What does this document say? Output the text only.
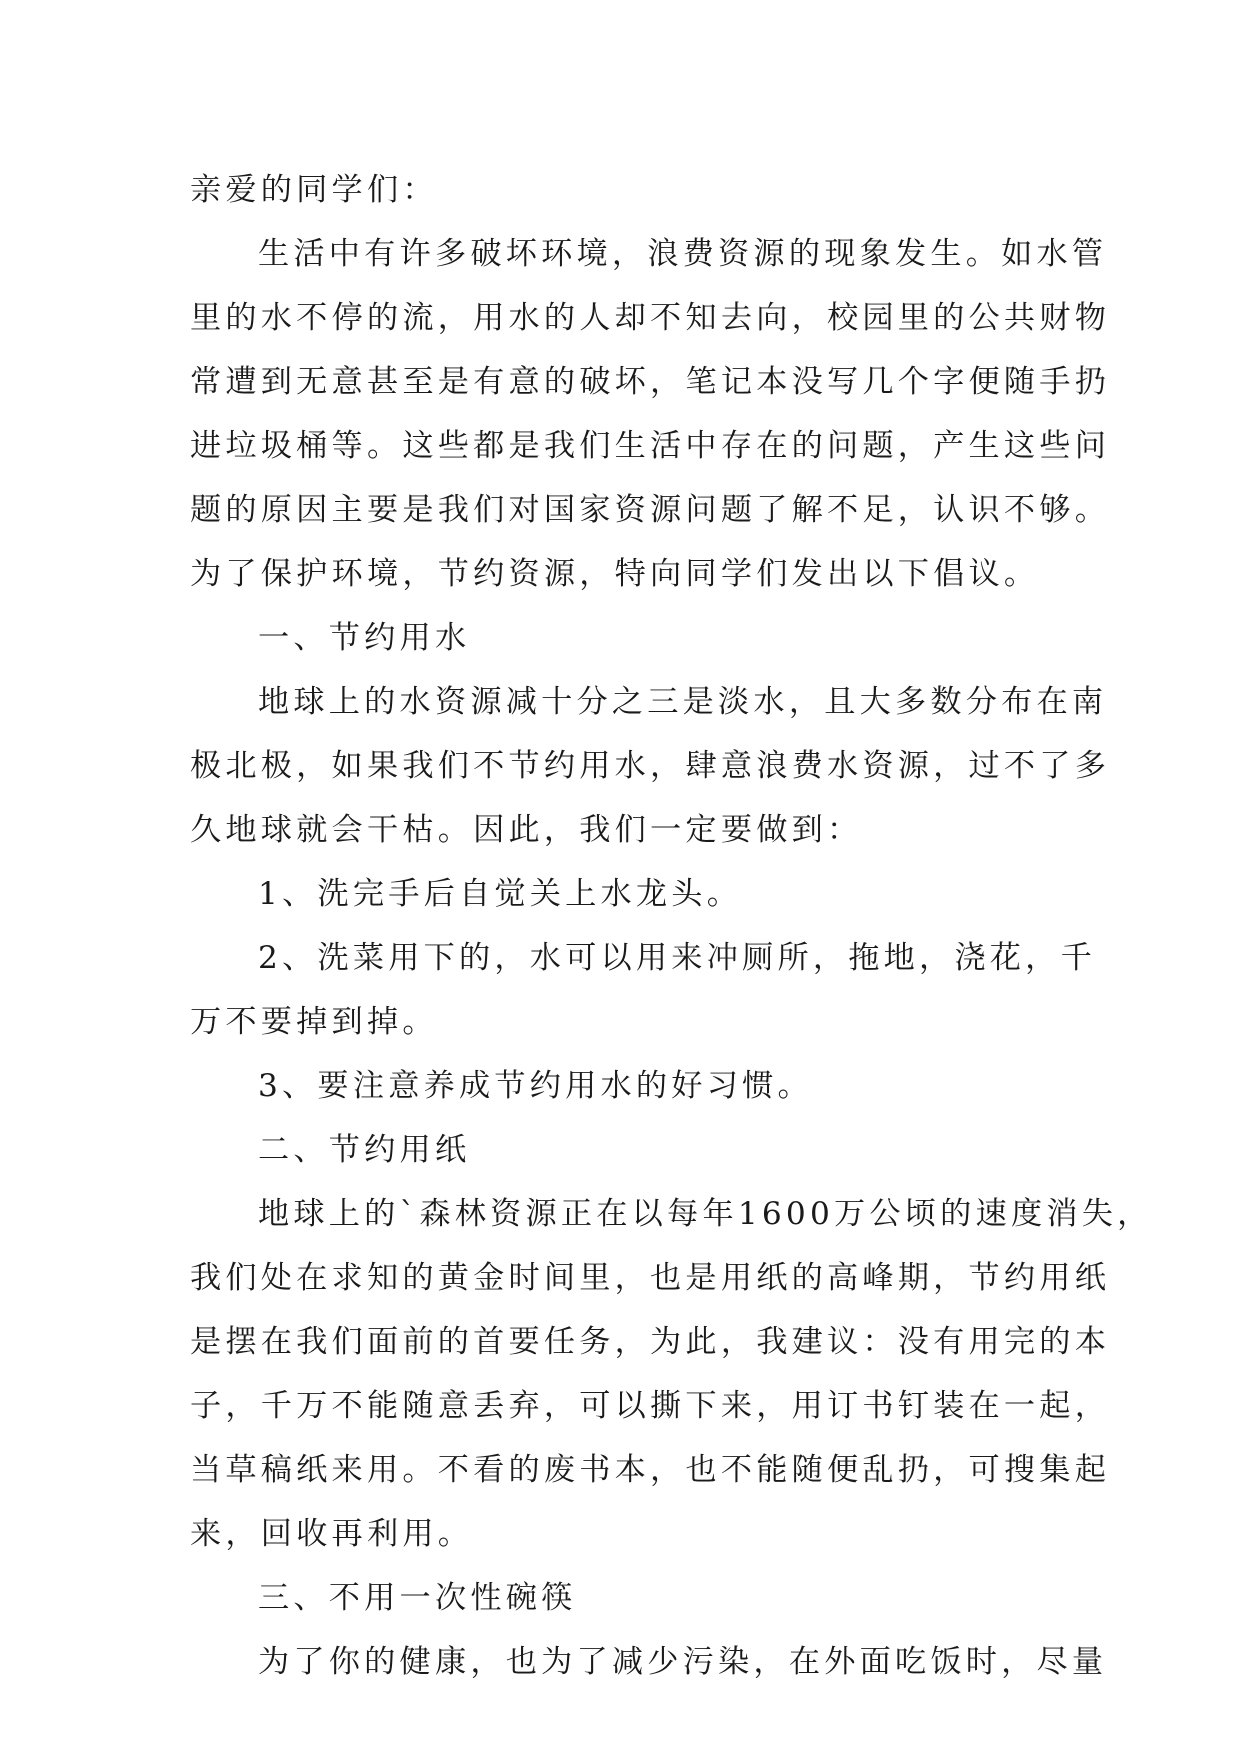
亲爱的同学们：
生活中有许多破坏环境，浪费资源的现象发生。如水管
里的水不停的流，用水的人却不知去向，校园里的公共财物
常遭到无意甚至是有意的破坏，笔记本没写几个字便随手扔
进垃圾桶等。这些都是我们生活中存在的问题，产生这些问
题的原因主要是我们对国家资源问题了解不足，认识不够。
为了保护环境，节约资源，特向同学们发出以下倡议。
一、节约用水
地球上的水资源减十分之三是淡水，且大多数分布在南
极北极，如果我们不节约用水，肆意浪费水资源，过不了多
久地球就会干枯。因此，我们一定要做到：
1、洗完手后自觉关上水龙头。
2、洗菜用下的，水可以用来冲厕所，拖地，浇花，千
万不要掉到掉。
3、要注意养成节约用水的好习惯。
二、节约用纸
地球上的`森林资源正在以每年1600万公顷的速度消失，
我们处在求知的黄金时间里，也是用纸的高峰期，节约用纸
是摆在我们面前的首要任务，为此，我建议：没有用完的本
子，千万不能随意丢弃，可以撕下来，用订书钉装在一起，
当草稿纸来用。不看的废书本，也不能随便乱扔，可搜集起
来，回收再利用。
三、不用一次性碗筷
为了你的健康，也为了减少污染，在外面吃饭时，尽量
